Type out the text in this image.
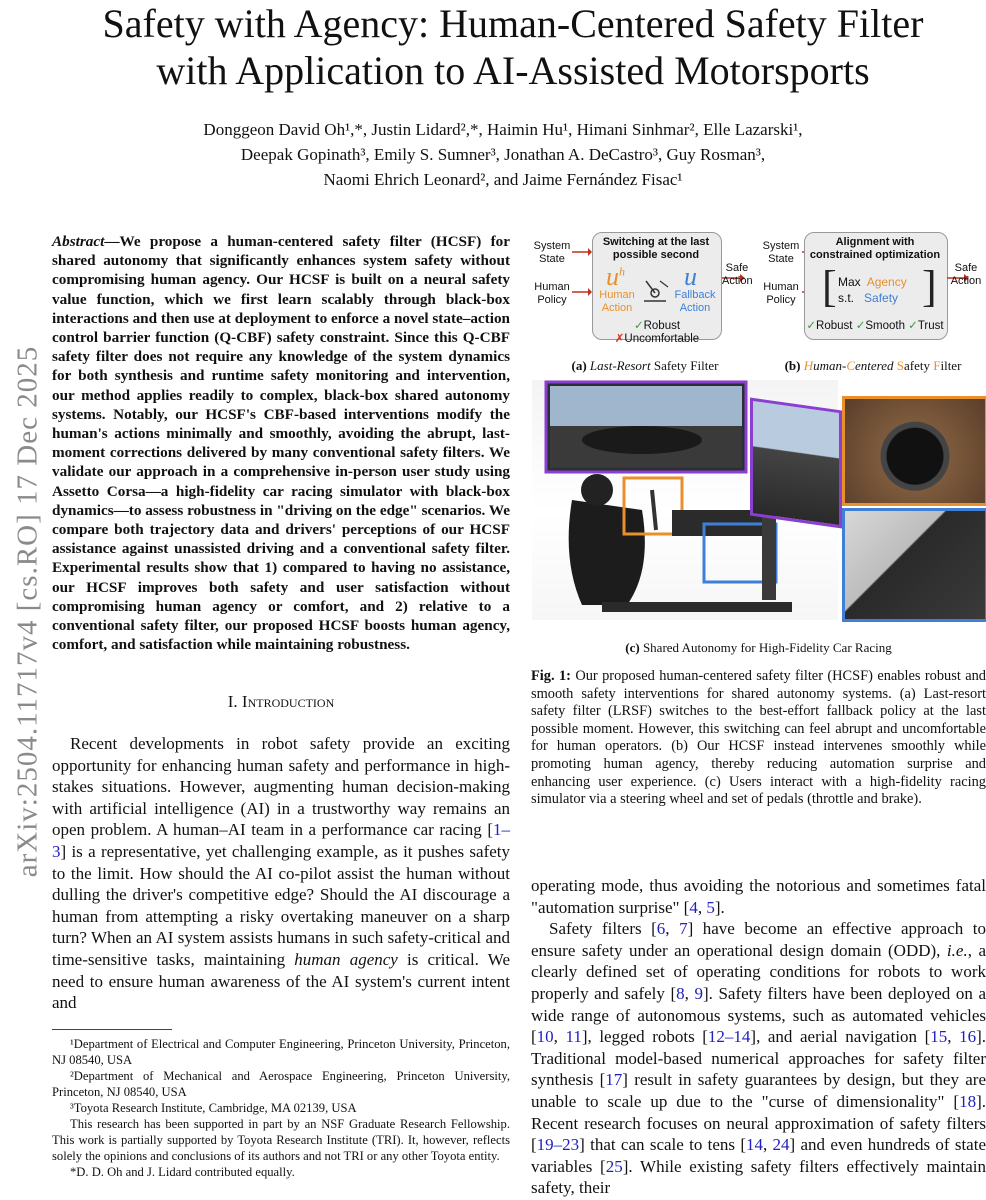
Safety with Agency: Human-Centered Safety Filter
with Application to AI-Assisted Motorsports
Donggeon David Oh¹,*, Justin Lidard²,*, Haimin Hu¹, Himani Sinhmar², Elle Lazarski¹,
Deepak Gopinath³, Emily S. Sumner³, Jonathan A. DeCastro³, Guy Rosman³,
Naomi Ehrich Leonard², and Jaime Fernández Fisac¹
arXiv:2504.11717v4 [cs.RO] 17 Dec 2025
Abstract—We propose a human-centered safety filter (HCSF) for shared autonomy that significantly enhances system safety without compromising human agency. Our HCSF is built on a neural safety value function, which we first learn scalably through black-box interactions and then use at deployment to enforce a novel state–action control barrier function (Q-CBF) safety constraint. Since this Q-CBF safety filter does not require any knowledge of the system dynamics for both synthesis and runtime safety monitoring and intervention, our method applies readily to complex, black-box shared autonomy systems. Notably, our HCSF's CBF-based interventions modify the human's actions minimally and smoothly, avoiding the abrupt, last-moment corrections delivered by many conventional safety filters. We validate our approach in a comprehensive in-person user study using Assetto Corsa—a high-fidelity car racing simulator with black-box dynamics—to assess robustness in "driving on the edge" scenarios. We compare both trajectory data and drivers' perceptions of our HCSF assistance against unassisted driving and a conventional safety filter. Experimental results show that 1) compared to having no assistance, our HCSF improves both safety and user satisfaction without compromising human agency or comfort, and 2) relative to a conventional safety filter, our proposed HCSF boosts human agency, comfort, and satisfaction while maintaining robustness.
I. Introduction

Recent developments in robot safety provide an exciting opportunity for enhancing human safety and performance in high-stakes situations. However, augmenting human decision-making with artificial intelligence (AI) in a trustworthy way remains an open problem. A human–AI team in a performance car racing [1–3] is a representative, yet challenging example, as it pushes safety to the limit. How should the AI co-pilot assist the human without dulling the driver's competitive edge? Should the AI discourage a human from attempting a risky overtaking maneuver on a sharp turn? When an AI system assists humans in such safety-critical and time-sensitive tasks, maintaining human agency is critical. We need to ensure human awareness of the AI system's current intent and

¹Department of Electrical and Computer Engineering, Princeton University, Princeton, NJ 08540, USA

²Department of Mechanical and Aerospace Engineering, Princeton University, Princeton, NJ 08540, USA

³Toyota Research Institute, Cambridge, MA 02139, USA

This research has been supported in part by an NSF Graduate Research Fellowship. This work is partially supported by Toyota Research Institute (TRI). It, however, reflects solely the opinions and conclusions of its authors and not TRI or any other Toyota entity.

*D. D. Oh and J. Lidard contributed equally.

System State
Human Policy
Switching at the last possible second
$u^h$
Human Action
u
Fallback Action
✓Robust ✗Uncomfortable
Safe Action
System State
Human Policy
Alignment with constrained optimization
[ ]
Max Agency
s.t. Safety
✓Robust ✓Smooth ✓Trust
Safe Action
(a) Last-Resort Safety Filter	(b) Human-Centered Safety Filter
(c) Shared Autonomy for High-Fidelity Car Racing
Fig. 1: Our proposed human-centered safety filter (HCSF) enables robust and smooth safety interventions for shared autonomy systems. (a) Last-resort safety filter (LRSF) switches to the best-effort fallback policy at the last possible moment. However, this switching can feel abrupt and uncomfortable for human operators. (b) Our HCSF instead intervenes smoothly while promoting human agency, thereby reducing automation surprise and enhancing user experience. (c) Users interact with a high-fidelity racing simulator via a steering wheel and set of pedals (throttle and brake).

operating mode, thus avoiding the notorious and sometimes fatal "automation surprise" [4, 5].

Safety filters [6, 7] have become an effective approach to ensure safety under an operational design domain (ODD), i.e., a clearly defined set of operating conditions for robots to work properly and safely [8, 9]. Safety filters have been deployed on a wide range of autonomous systems, such as automated vehicles [10, 11], legged robots [12–14], and aerial navigation [15, 16]. Traditional model-based numerical approaches for safety filter synthesis [17] result in safety guarantees by design, but they are unable to scale up due to the "curse of dimensionality" [18]. Recent research focuses on neural approximation of safety filters [19–23] that can scale to tens [14, 24] and even hundreds of state variables [25]. While existing safety filters effectively maintain safety, their
